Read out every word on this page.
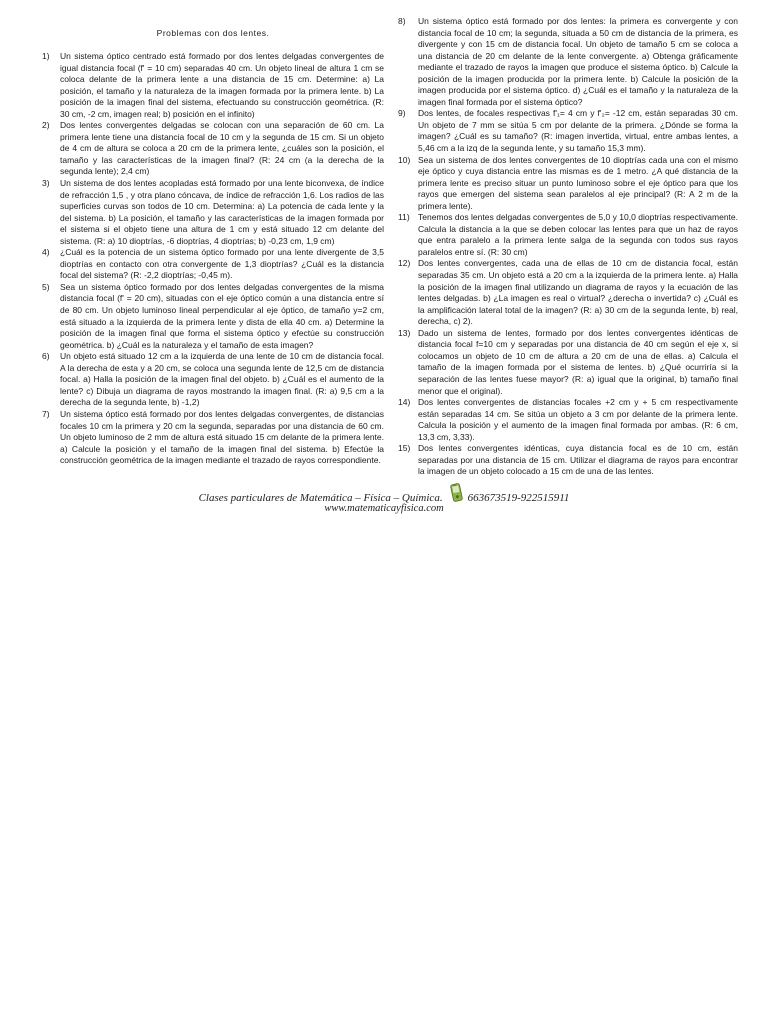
Problemas con dos lentes.
1)	Un sistema óptico centrado está formado por dos lentes delgadas convergentes de igual distancia focal (f' = 10 cm) separadas 40 cm. Un objeto lineal de altura 1 cm se coloca delante de la primera lente a una distancia de 15 cm. Determine: a) La posición, el tamaño y la naturaleza de la imagen formada por la primera lente. b) La posición de la imagen final del sistema, efectuando su construcción geométrica. (R: 30 cm, -2 cm, imagen real; b) posición en el infinito)

2)	Dos lentes convergentes delgadas se colocan con una separación de 60 cm. La primera lente tiene una distancia focal de 10 cm y la segunda de 15 cm. Si un objeto de 4 cm de altura se coloca a 20 cm de la primera lente, ¿cuáles son la posición, el tamaño y las características de la imagen final? (R: 24 cm (a la derecha de la segunda lente); 2,4 cm)

3)	Un sistema de dos lentes acopladas está formado por una lente biconvexa, de índice de refracción 1,5 , y otra plano cóncava, de índice de refracción 1,6. Los radios de las superficies curvas son todos de 10 cm. Determina: a) La potencia de cada lente y la del sistema. b) La posición, el tamaño y las características de la imagen formada por el sistema si el objeto tiene una altura de 1 cm y está situado 12 cm delante del sistema. (R: a) 10 dioptrías, -6 dioptrías, 4 dioptrías; b) -0,23 cm, 1,9 cm)

4)	¿Cuál es la potencia de un sistema óptico formado por una lente divergente de 3,5 dioptrías en contacto con otra convergente de 1,3 dioptrías? ¿Cuál es la distancia focal del sistema? (R: -2,2 dioptrías; -0,45 m).

5)	Sea un sistema óptico formado por dos lentes delgadas convergentes de la misma distancia focal (f' = 20 cm), situadas con el eje óptico común a una distancia entre sí de 80 cm. Un objeto luminoso lineal perpendicular al eje óptico, de tamaño y=2 cm, está situado a la izquierda de la primera lente y dista de ella 40 cm. a) Determine la posición de la imagen final que forma el sistema óptico y efectúe su construcción geométrica. b) ¿Cuál es la naturaleza y el tamaño de esta imagen?

6)	Un objeto está situado 12 cm a la izquierda de una lente de 10 cm de distancia focal. A la derecha de esta y a 20 cm, se coloca una segunda lente de 12,5 cm de distancia focal. a) Halla la posición de la imagen final del objeto. b) ¿Cuál es el aumento de la lente? c) Dibuja un diagrama de rayos mostrando la imagen final. (R: a) 9,5 cm a la derecha de la segunda lente, b) -1,2)

7)	Un sistema óptico está formado por dos lentes delgadas convergentes, de distancias focales 10 cm la primera y 20 cm la segunda, separadas por una distancia de 60 cm. Un objeto luminoso de 2 mm de altura está situado 15 cm delante de la primera lente. a) Calcule la posición y el tamaño de la imagen final del sistema. b) Efectúe la construcción geométrica de la imagen mediante el trazado de rayos correspondiente.

8)	Un sistema óptico está formado por dos lentes: la primera es convergente y con distancia focal de 10 cm; la segunda, situada a 50 cm de distancia de la primera, es divergente y con 15 cm de distancia focal. Un objeto de tamaño 5 cm se coloca a una distancia de 20 cm delante de la lente convergente. a) Obtenga gráficamente mediante el trazado de rayos la imagen que produce el sistema óptico. b) Calcule la posición de la imagen producida por la primera lente. b) Calcule la posición de la imagen producida por el sistema óptico. d) ¿Cuál es el tamaño y la naturaleza de la imagen final formada por el sistema óptico?

9)	Dos lentes, de focales respectivas f'₁= 4 cm y f'₂= -12 cm, están separadas 30 cm. Un objeto de 7 mm se sitúa 5 cm por delante de la primera. ¿Dónde se forma la imagen? ¿Cuál es su tamaño? (R: imagen invertida, virtual, entre ambas lentes, a 5,46 cm a la izq de la segunda lente, y su tamaño 15,3 mm).

10) Sea un sistema de dos lentes convergentes de 10 dioptrías cada una con el mismo eje óptico y cuya distancia entre las mismas es de 1 metro. ¿A qué distancia de la primera lente es preciso situar un punto luminoso sobre el eje óptico para que los rayos que emergen del sistema sean paralelos al eje principal? (R: A 2 m de la primera lente).

11) Tenemos dos lentes delgadas convergentes de 5,0 y 10,0 dioptrías respectivamente. Calcula la distancia a la que se deben colocar las lentes para que un haz de rayos que entra paralelo a la primera lente salga de la segunda con todos sus rayos paralelos entre sí. (R: 30 cm)

12) Dos lentes convergentes, cada una de ellas de 10 cm de distancia focal, están separadas 35 cm. Un objeto está a 20 cm a la izquierda de la primera lente. a) Halla la posición de la imagen final utilizando un diagrama de rayos y la ecuación de las lentes delgadas. b) ¿La imagen es real o virtual? ¿derecha o invertida? c) ¿Cuál es la amplificación lateral total de la imagen? (R: a) 30 cm de la segunda lente, b) real, derecha, c) 2).

13) Dado un sistema de lentes, formado por dos lentes convergentes idénticas de distancia focal f=10 cm y separadas por una distancia de 40 cm según el eje x, si colocamos un objeto de 10 cm de altura a 20 cm de una de ellas. a) Calcula el tamaño de la imagen formada por el sistema de lentes. b) ¿Qué ocurriría si la separación de las lentes fuese mayor? (R: a) igual que la original, b) tamaño final menor que el original).

14) Dos lentes convergentes de distancias focales +2 cm y + 5 cm respectivamente están separadas 14 cm. Se sitúa un objeto a 3 cm por delante de la primera lente. Calcula la posición y el aumento de la imagen final formada por ambas. (R: 6 cm, 13,3 cm, 3,33).

15) Dos lentes convergentes idénticas, cuya distancia focal es de 10 cm, están separadas por una distancia de 15 cm. Utilizar el diagrama de rayos para encontrar la imagen de un objeto colocado a 15 cm de una de las lentes.

Clases particulares de Matemática – Física – Química. 663673519-922515911
www.matematicayfisica.com
